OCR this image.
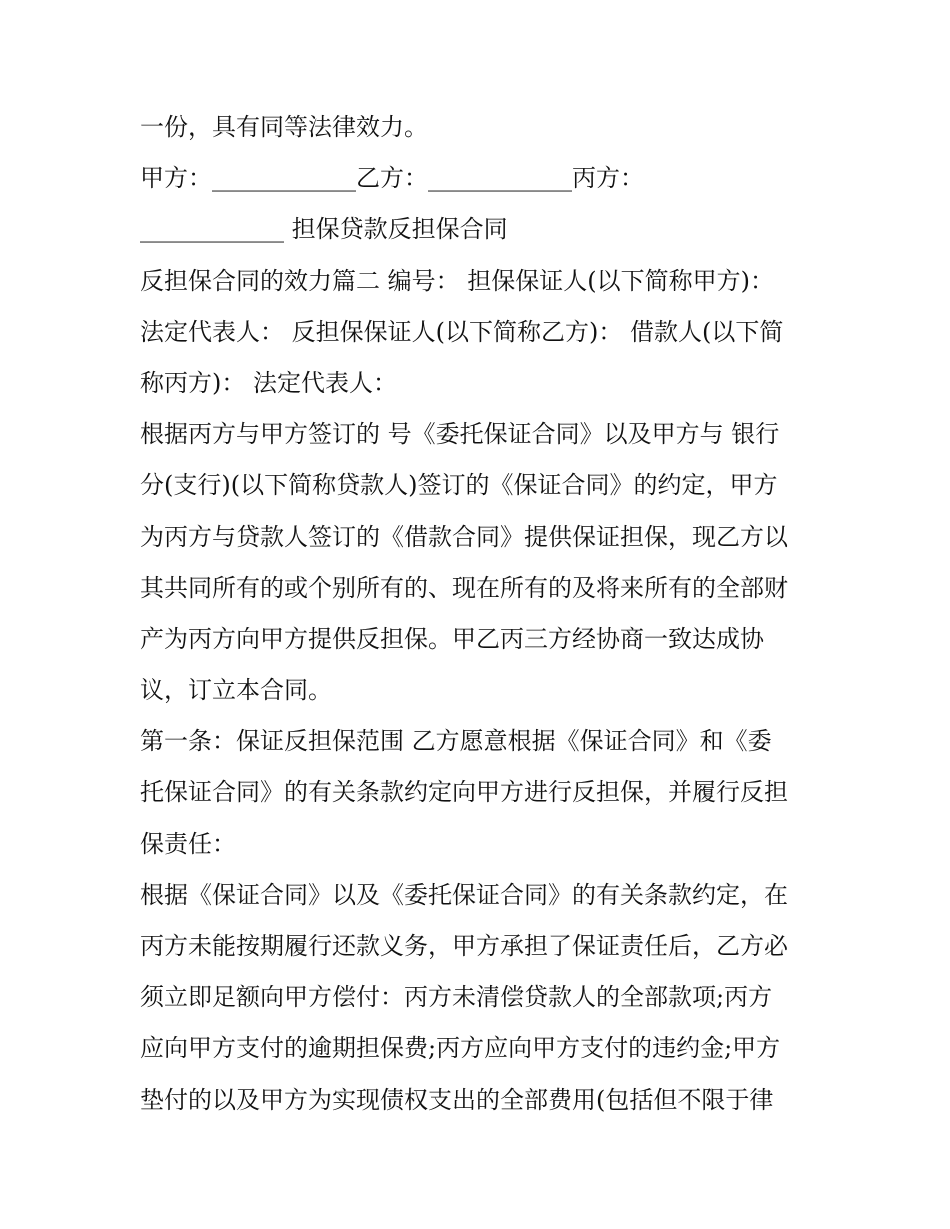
一份，具有同等法律效力。
甲方：____________乙方：____________丙方：
____________ 担保贷款反担保合同
反担保合同的效力篇二 编号： 担保保证人(以下简称甲方)：
法定代表人： 反担保保证人(以下简称乙方)： 借款人(以下简
称丙方)： 法定代表人：
根据丙方与甲方签订的 号《委托保证合同》以及甲方与 银行
分(支行)(以下简称贷款人)签订的《保证合同》的约定，甲方
为丙方与贷款人签订的《借款合同》提供保证担保，现乙方以
其共同所有的或个别所有的、现在所有的及将来所有的全部财
产为丙方向甲方提供反担保。甲乙丙三方经协商一致达成协
议，订立本合同。
第一条：保证反担保范围 乙方愿意根据《保证合同》和《委
托保证合同》的有关条款约定向甲方进行反担保，并履行反担
保责任：
根据《保证合同》以及《委托保证合同》的有关条款约定，在
丙方未能按期履行还款义务，甲方承担了保证责任后，乙方必
须立即足额向甲方偿付：丙方未清偿贷款人的全部款项;丙方
应向甲方支付的逾期担保费;丙方应向甲方支付的违约金;甲方
垫付的以及甲方为实现债权支出的全部费用(包括但不限于律
